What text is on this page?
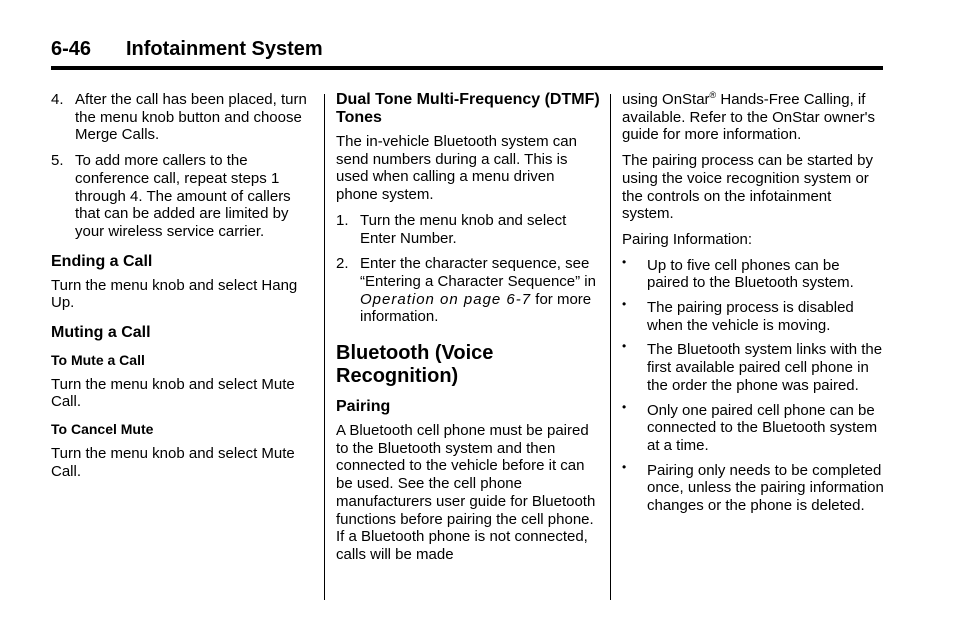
6-46 Infotainment System
4. After the call has been placed, turn the menu knob button and choose Merge Calls.
5. To add more callers to the conference call, repeat steps 1 through 4. The amount of callers that can be added are limited by your wireless service carrier.
Ending a Call

Turn the menu knob and select Hang Up.

Muting a Call
To Mute a Call

Turn the menu knob and select Mute Call.

To Cancel Mute

Turn the menu knob and select Mute Call.

Dual Tone Multi-Frequency (DTMF) Tones

The in-vehicle Bluetooth system can send numbers during a call. This is used when calling a menu driven phone system.

1. Turn the menu knob and select Enter Number.
2. Enter the character sequence, see “Entering a Character Sequence” in Operation on page 6-7 for more information.
Bluetooth (Voice Recognition)
Pairing

A Bluetooth cell phone must be paired to the Bluetooth system and then connected to the vehicle before it can be used. See the cell phone manufacturers user guide for Bluetooth functions before pairing the cell phone. If a Bluetooth phone is not connected, calls will be made

using OnStar® Hands-Free Calling, if available. Refer to the OnStar owner's guide for more information.

The pairing process can be started by using the voice recognition system or the controls on the infotainment system.

Pairing Information:

• Up to five cell phones can be paired to the Bluetooth system.
• The pairing process is disabled when the vehicle is moving.
• The Bluetooth system links with the first available paired cell phone in the order the phone was paired.
• Only one paired cell phone can be connected to the Bluetooth system at a time.
• Pairing only needs to be completed once, unless the pairing information changes or the phone is deleted.
